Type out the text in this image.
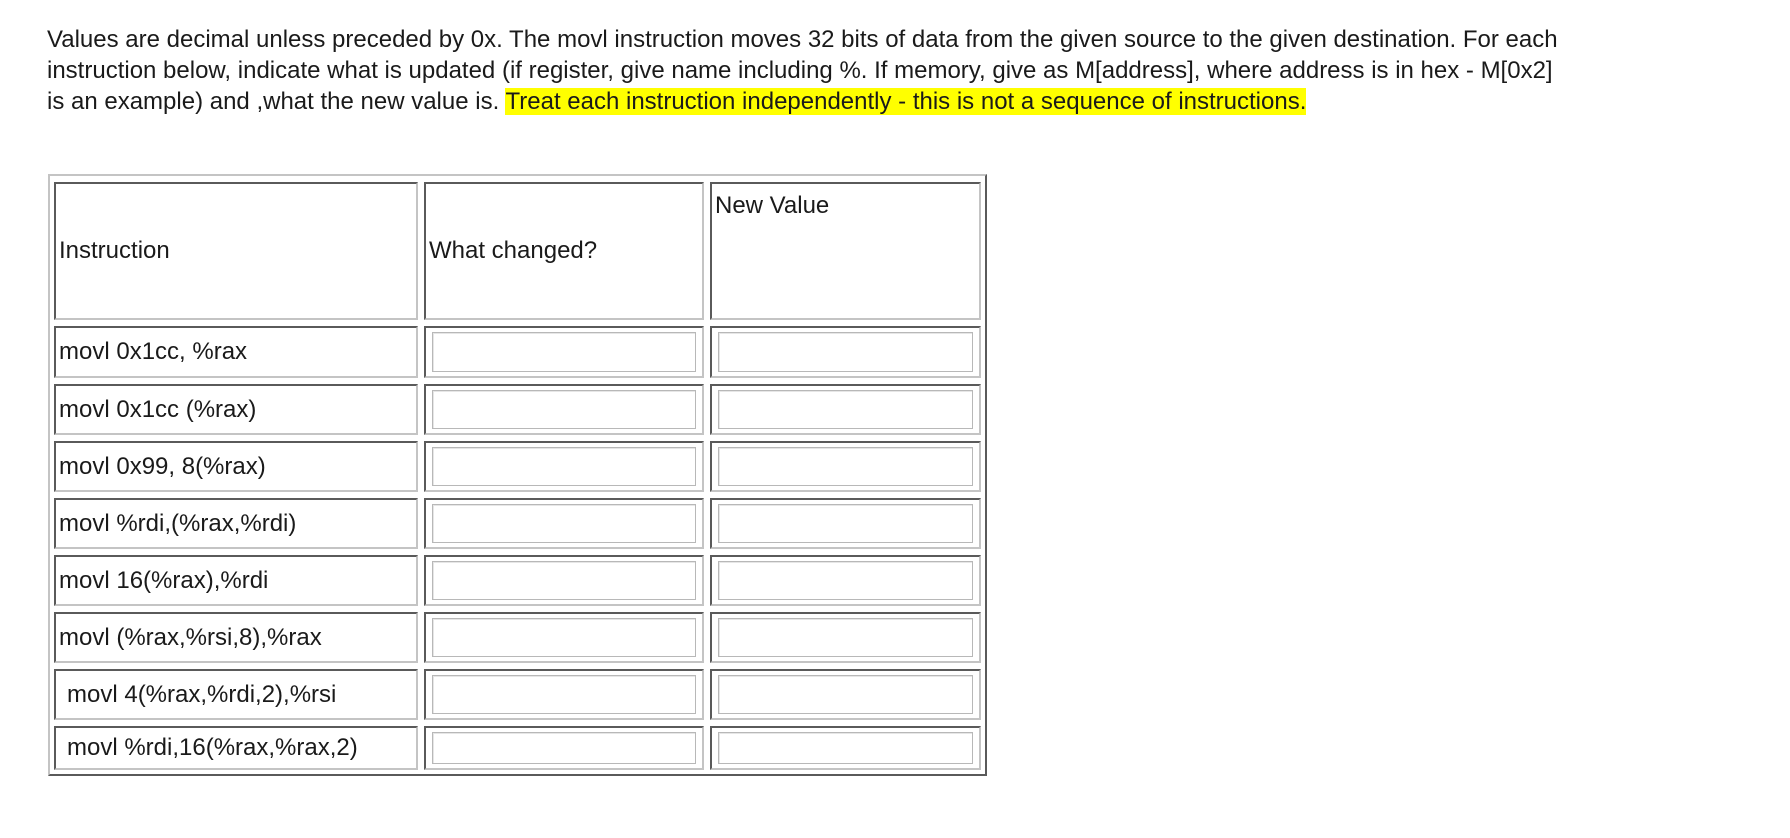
Values are decimal unless preceded by 0x. The movl instruction moves 32 bits of data from the given source to the given destination. For each
instruction below, indicate what is updated (if register, give name including %. If memory, give as M[address], where address is in hex - M[0x2]
is an example) and ,what the new value is. Treat each instruction independently - this is not a sequence of instructions.

Instruction	What changed?
New Value
movl 0x1cc, %rax
movl 0x1cc (%rax)
movl 0x99, 8(%rax)
movl %rdi,(%rax,%rdi)
movl 16(%rax),%rdi
movl (%rax,%rsi,8),%rax
movl 4(%rax,%rdi,2),%rsi
movl %rdi,16(%rax,%rax,2)
